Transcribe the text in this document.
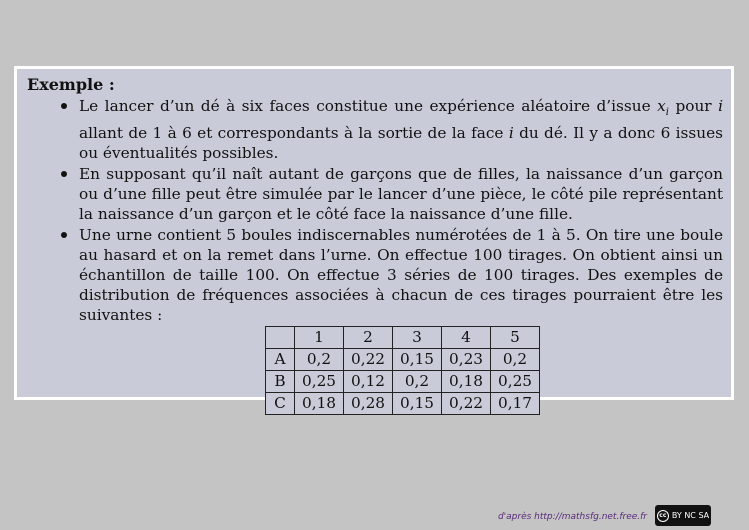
Exemple :
Le lancer d’un dé à six faces constitue une expérience aléatoire d’issue $x_i$ pour i allant de 1 à 6 et correspondants à la sortie de la face i du dé. Il y a donc 6 issues ou éventualités possibles.
En supposant qu’il naît autant de garçons que de filles, la naissance d’un garçon ou d’une fille peut être simulée par le lancer d’une pièce, le côté pile représentant la naissance d’un garçon et le côté face la naissance d’une fille.
Une urne contient 5 boules indiscernables numérotées de 1 à 5. On tire une boule au hasard et on la remet dans l’urne. On effectue 100 tirages. On obtient ainsi un échantillon de taille 100. On effectue 3 séries de 100 tirages. Des exemples de distribution de fréquences associées à chacun de ces tirages pourraient être les suivantes :
	1	2	3	4	5
A	0,2	0,22	0,15	0,23	0,2
B	0,25	0,12	0,2	0,18	0,25
C	0,18	0,28	0,15	0,22	0,17
d'après http://mathsfg.net.free.fr	cc BY NC SA
